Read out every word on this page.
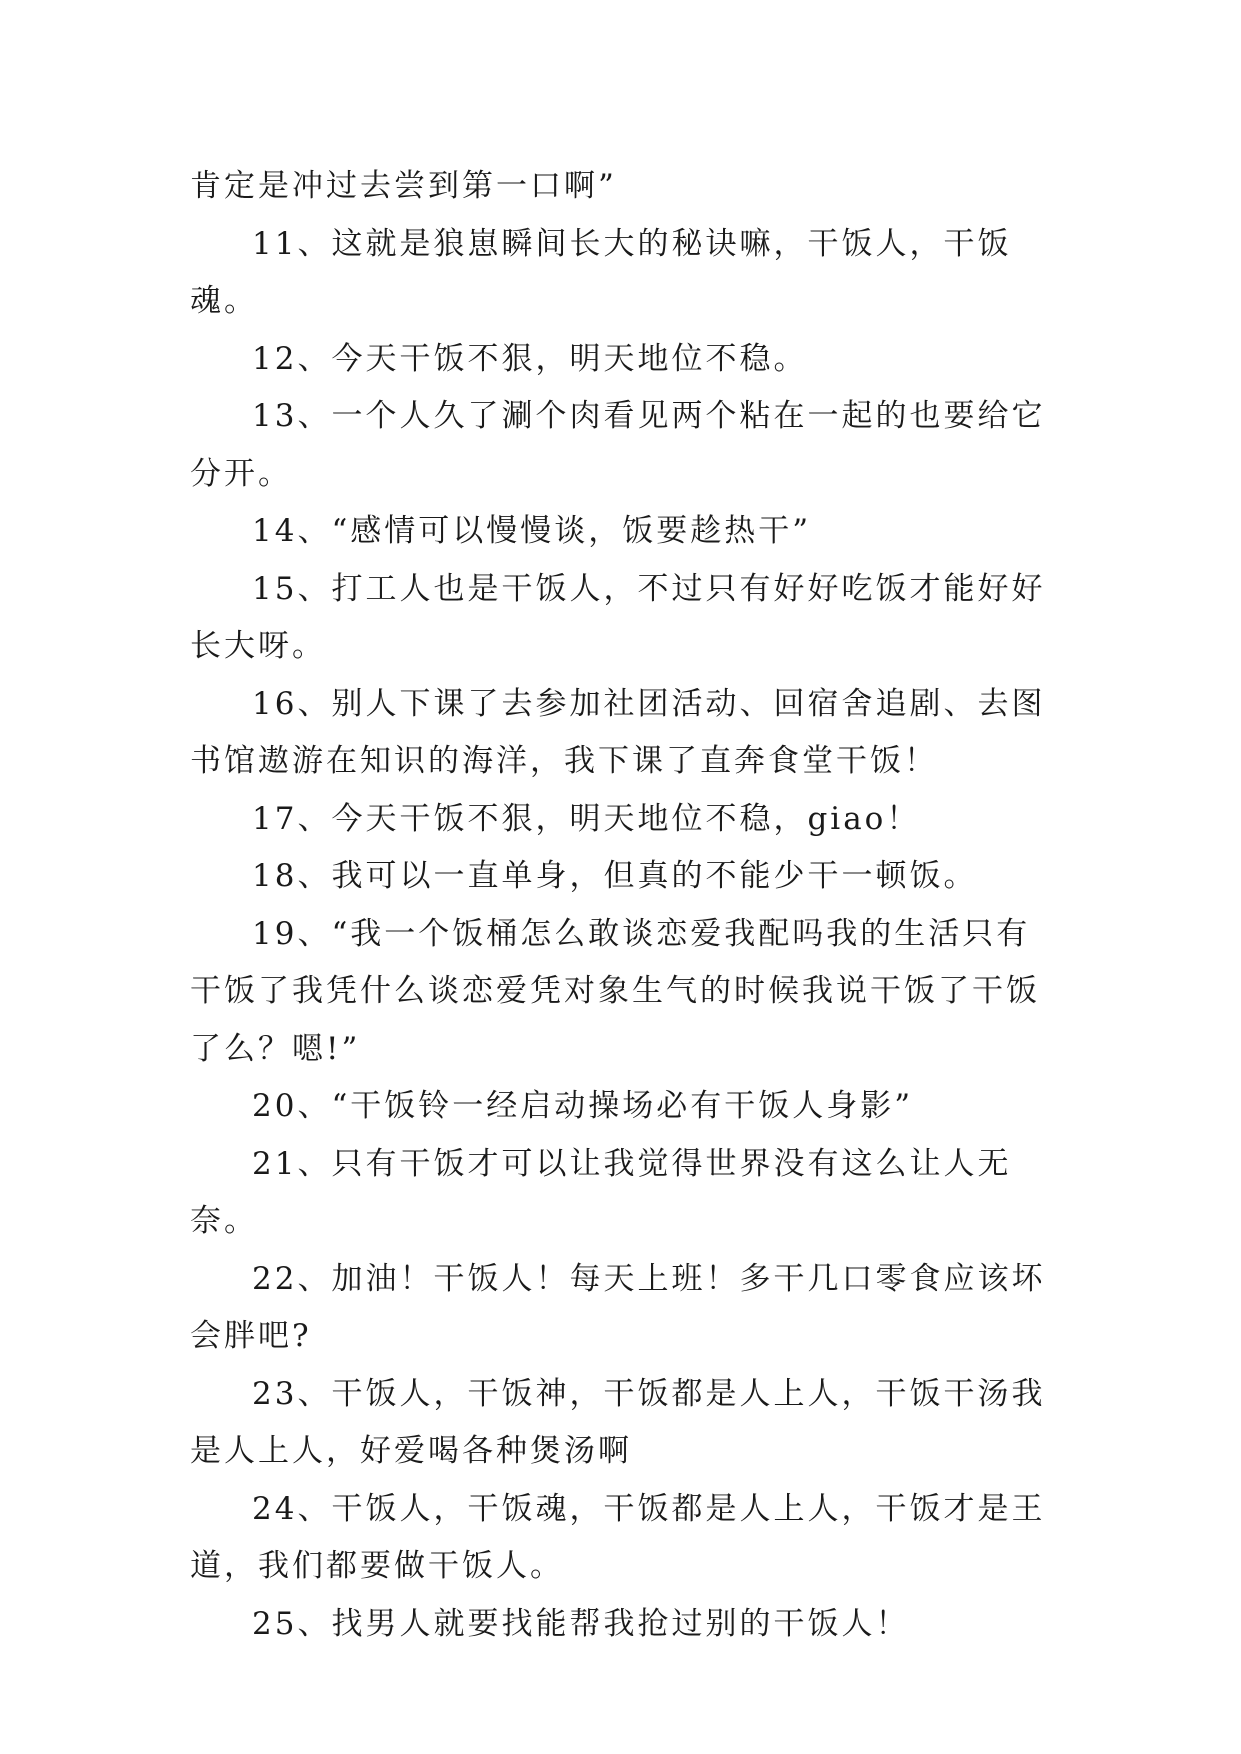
肯定是冲过去尝到第一口啊”

11、这就是狼崽瞬间长大的秘诀嘛，干饭人，干饭魂。

12、今天干饭不狠，明天地位不稳。

13、一个人久了涮个肉看见两个粘在一起的也要给它分开。

14、“感情可以慢慢谈，饭要趁热干”

15、打工人也是干饭人，不过只有好好吃饭才能好好长大呀。

16、别人下课了去参加社团活动、回宿舍追剧、去图书馆遨游在知识的海洋，我下课了直奔食堂干饭！

17、今天干饭不狠，明天地位不稳，giao！

18、我可以一直单身，但真的不能少干一顿饭。

19、“我一个饭桶怎么敢谈恋爱我配吗我的生活只有干饭了我凭什么谈恋爱凭对象生气的时候我说干饭了干饭了么？嗯!”

20、“干饭铃一经启动操场必有干饭人身影”

21、只有干饭才可以让我觉得世界没有这么让人无奈。

22、加油！干饭人！每天上班！多干几口零食应该坏会胖吧?

23、干饭人，干饭神，干饭都是人上人，干饭干汤我是人上人，好爱喝各种煲汤啊

24、干饭人，干饭魂，干饭都是人上人，干饭才是王道，我们都要做干饭人。

25、找男人就要找能帮我抢过别的干饭人！
